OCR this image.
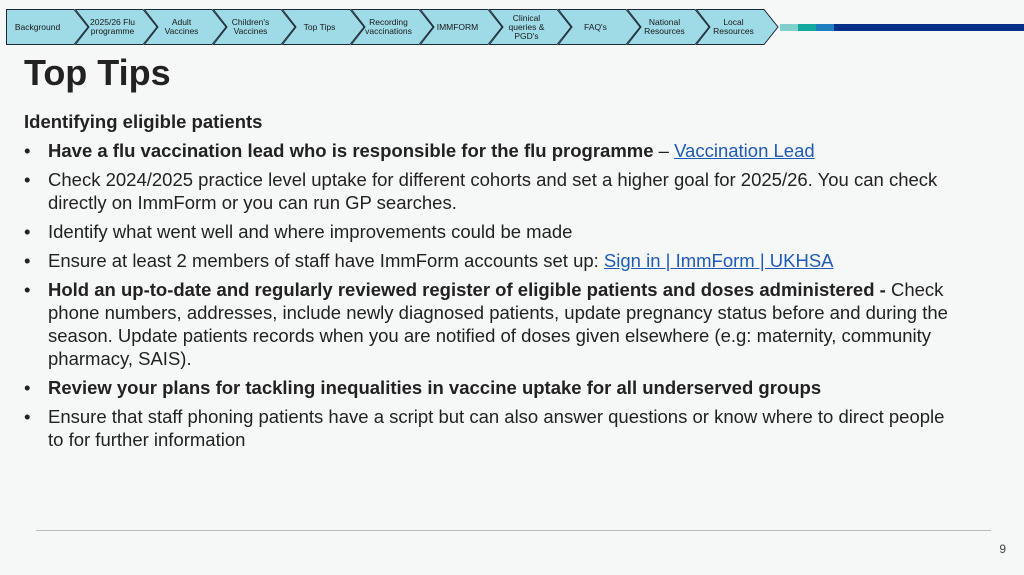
Background	2025/26 Flu programme
Adult Vaccines
Children's Vaccines	Top Tips	Recording vaccinations	IMMFORM
Clinical queries & PGD's
FAQ's	National Resources
Local Resources
Top Tips

Identifying eligible patients

• Have a flu vaccination lead who is responsible for the flu programme – Vaccination Lead
• Check 2024/2025 practice level uptake for different cohorts and set a higher goal for 2025/26. You can check directly on ImmForm or you can run GP searches.
• Identify what went well and where improvements could be made
• Ensure at least 2 members of staff have ImmForm accounts set up: Sign in | ImmForm | UKHSA
• Hold an up-to-date and regularly reviewed register of eligible patients and doses administered - Check phone numbers, addresses, include newly diagnosed patients, update pregnancy status before and during the season. Update patients records when you are notified of doses given elsewhere (e.g: maternity, community pharmacy, SAIS).
• Review your plans for tackling inequalities in vaccine uptake for all underserved groups
• Ensure that staff phoning patients have a script but can also answer questions or know where to direct people to for further information
9
